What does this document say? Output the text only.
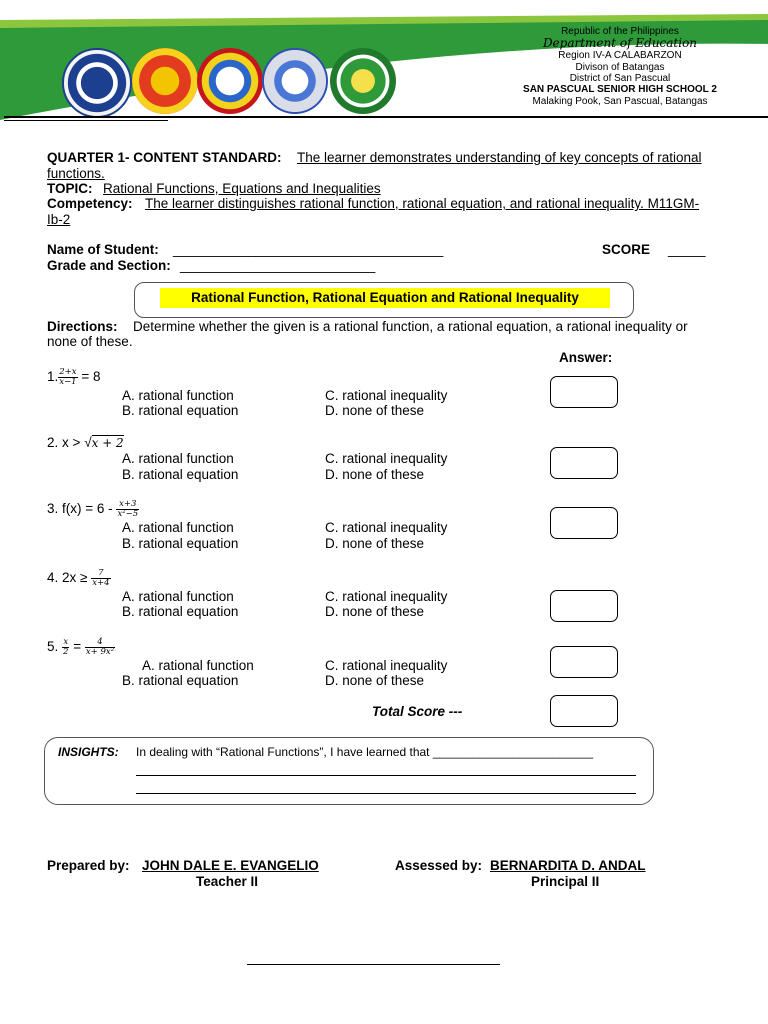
Republic of the Philippines
Department of Education
Region IV-A CALABARZON
Divison of Batangas
District of San Pascual
SAN PASCUAL SENIOR HIGH SCHOOL 2
Malaking Pook, San Pascual, Batangas
QUARTER 1- CONTENT STANDARD: The learner demonstrates understanding of key concepts of rational
functions.
TOPIC: Rational Functions, Equations and Inequalities
Competency: The learner distinguishes rational function, rational equation, and rational inequality. M11GM-
Ib-2
Name of Student: ____________________________________	SCORE _____
Grade and Section: __________________________
Rational Function, Rational Equation and Rational Inequality
Directions: Determine whether the given is a rational function, a rational equation, a rational inequality or
none of these.
Answer:
1. $\frac{2+x}{x-1} = 8$
A. rational function	C. rational inequality
B. rational equation	D. none of these
2. x > √x + 2
A. rational function	C. rational inequality
B. rational equation	D. none of these
3. $f(x) = 6 - \frac{x+3}{\text{x²−5}}$
A. rational function	C. rational inequality
B. rational equation	D. none of these
4. $2x \ge \frac{7}{x+4}$
A. rational function	C. rational inequality
B. rational equation	D. none of these
5. $\frac{x}{2} = \frac{4}{\text{x+ 9x²}}$
A. rational function	C. rational inequality
B. rational equation	D. none of these
Total Score ---
INSIGHTS: In dealing with “Rational Functions”, I have learned that ________________________
Prepared by: JOHN DALE E. EVANGELIO
Teacher II
Assessed by: BERNARDITA D. ANDAL
Principal II
